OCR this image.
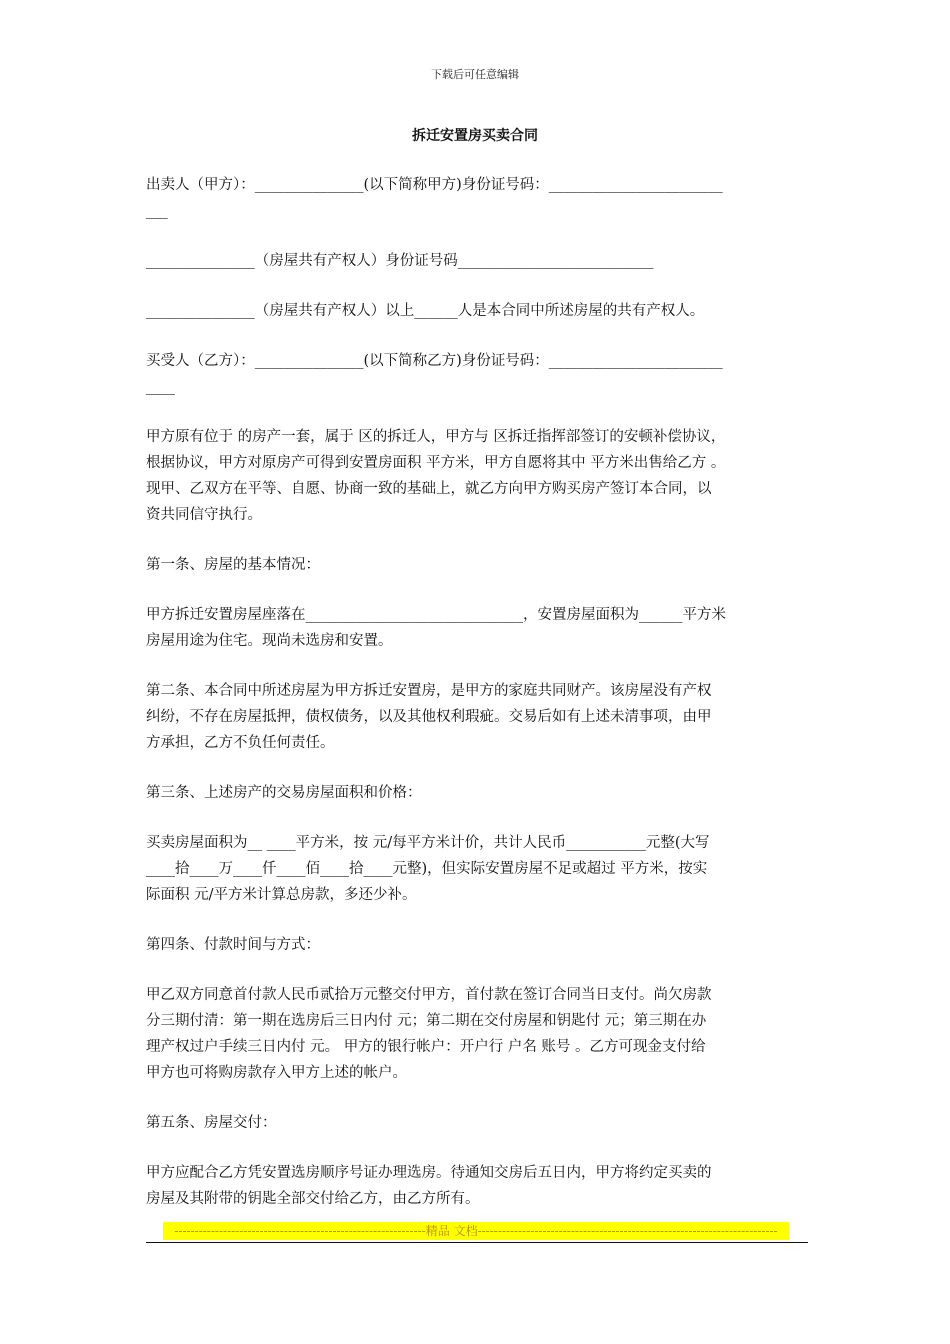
下载后可任意编辑
拆迁安置房买卖合同
出卖人（甲方）：_______________(以下简称甲方)身份证号码：________________________
___
_______________（房屋共有产权人）身份证号码___________________________
_______________（房屋共有产权人）以上______人是本合同中所述房屋的共有产权人。
买受人（乙方）：_______________(以下简称乙方)身份证号码：________________________
____
甲方原有位于 的房产一套，属于 区的拆迁人，甲方与 区拆迁指挥部签订的安顿补偿协议，
根据协议，甲方对原房产可得到安置房面积 平方米，甲方自愿将其中 平方米出售给乙方 。
现甲、乙双方在平等、自愿、协商一致的基础上，就乙方向甲方购买房产签订本合同，以
资共同信守执行。
第一条、房屋的基本情况：
甲方拆迁安置房屋座落在______________________________，安置房屋面积为______平方米
房屋用途为住宅。现尚未选房和安置。
第二条、本合同中所述房屋为甲方拆迁安置房，是甲方的家庭共同财产。该房屋没有产权
纠纷，不存在房屋抵押，债权债务，以及其他权利瑕疵。交易后如有上述未清事项，由甲
方承担，乙方不负任何责任。
第三条、上述房产的交易房屋面积和价格：
买卖房屋面积为__ ____平方米，按 元/每平方米计价，共计人民币___________元整(大写
____拾____万____仟____佰____拾____元整)，但实际安置房屋不足或超过 平方米，按实
际面积 元/平方米计算总房款，多还少补。
第四条、付款时间与方式：
甲乙双方同意首付款人民币贰拾万元整交付甲方，首付款在签订合同当日支付。尚欠房款
分三期付清：第一期在选房后三日内付 元；第二期在交付房屋和钥匙付 元；第三期在办
理产权过户手续三日内付 元。 甲方的银行帐户：开户行 户名 账号 。乙方可现金支付给
甲方也可将购房款存入甲方上述的帐户。
第五条、房屋交付：
甲方应配合乙方凭安置选房顺序号证办理选房。待通知交房后五日内，甲方将约定买卖的
房屋及其附带的钥匙全部交付给乙方，由乙方所有。
--------------------------------------------------------------精品 文档--------------------------------------------------------------------------
